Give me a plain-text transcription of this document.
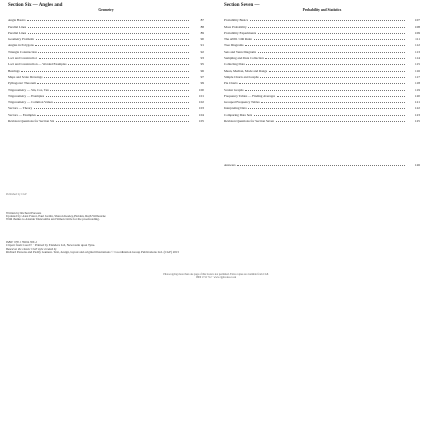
Section Six — Angles and
Geometry
Section Seven —
Probability and Statistics
Angle Basics	87
Parallel Lines	88
Parallel Lines	89
Geometry Problems	90
Angles in Polygons	91
Triangle Construction	92
Loci and Construction	93
Loci and Construction — Worded Examples	95
Bearings	96
Maps and Scale Drawings	97
Pythagoras' Theorem	99
Trigonometry — Sin, Cos, Tan	100
Trigonometry — Examples	101
Trigonometry — Common Values	102
Vectors — Theory	103
Vectors — Examples	104
Revision Questions for Section Six	105
Probability Basics	107
More Probability	108
Probability Experiments	109
The AND / OR Rules	111
Tree Diagrams	112
Sets and Venn Diagrams	113
Sampling and Data Collection	114
Collecting Data	115
Mean, Median, Mode and Range	116
Simple Charts and Graphs	117
Pie Charts	118
Scatter Graphs	119
Frequency Tables — Finding Averages	120
Grouped Frequency Tables	121
Interpreting Data	122
Comparing Data Sets	123
Revision Questions for Section Seven	125
Answers	126
Published by CGP
Written by Richard Parsons
Updated by: Alex Fairer, Paul Jordin, Sharon Keeley-Holden, Ruth Wilbourne
With thanks to Alastair Duncombe and Simon Little for the proofreading.
ISBN: 978 1 78294 366 4
Clipart from Corel® · Printed by Elanders Ltd, Newcastle upon Tyne.
Based on the classic CGP style created by
Richard Parsons and Paddy Gannon. Text, design, layout and original illustrations © Coordination Group Publications Ltd. (CGP) 2015
Photocopying more than one page of this book is not permitted. Extra copies are available from CGP.
0800 1712 712 · www.cgpbooks.co.uk
